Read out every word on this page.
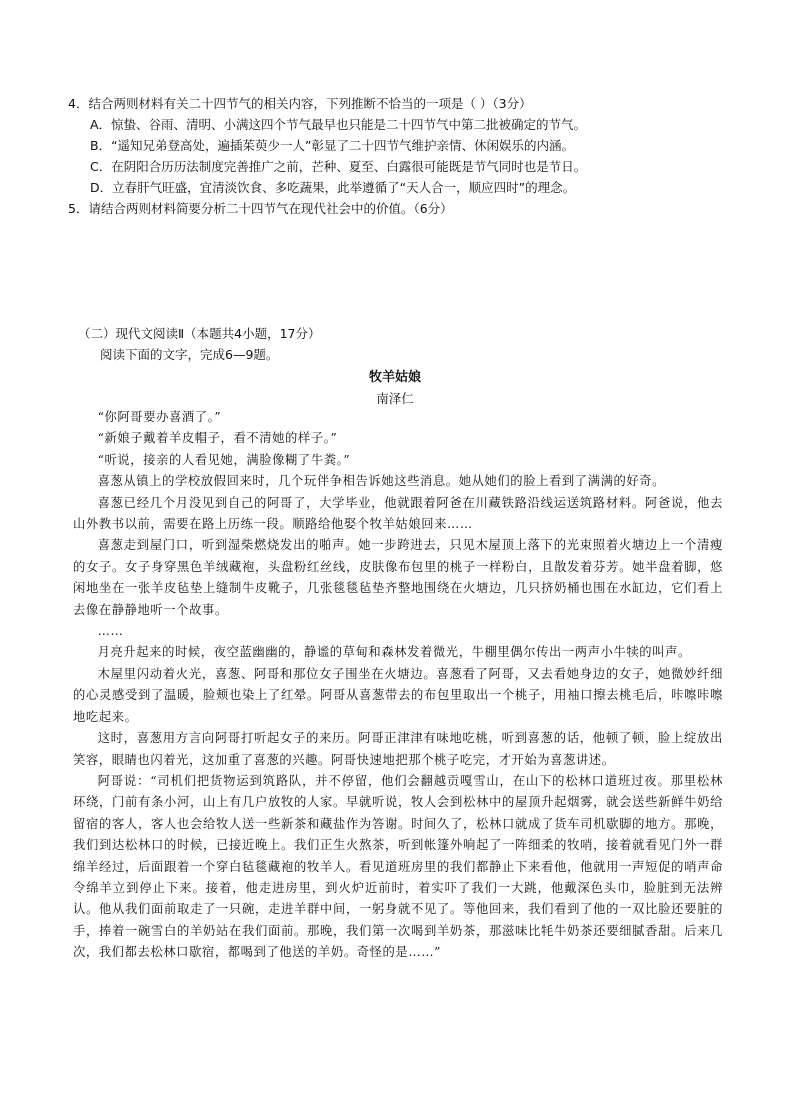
4．结合两则材料有关二十四节气的相关内容，下列推断不恰当的一项是（ ）（3分）
A．惊蛰、谷雨、清明、小满这四个节气最早也只能是二十四节气中第二批被确定的节气。
B．“遥知兄弟登高处，遍插茱萸少一人”彰显了二十四节气维护亲情、休闲娱乐的内涵。
C．在阴阳合历历法制度完善推广之前，芒种、夏至、白露很可能既是节气同时也是节日。
D．立春肝气旺盛，宜清淡饮食、多吃蔬果，此举遵循了“天人合一，顺应四时”的理念。
5．请结合两则材料简要分析二十四节气在现代社会中的价值。（6分）
（二）现代文阅读Ⅱ（本题共4小题，17分）
阅读下面的文字，完成6—9题。
牧羊姑娘
南泽仁

“你阿哥要办喜酒了。”

“新娘子戴着羊皮帽子，看不清她的样子。”

“听说，接亲的人看见她，满脸像糊了牛粪。”

喜葱从镇上的学校放假回来时，几个玩伴争相告诉她这些消息。她从她们的脸上看到了满满的好奇。

喜葱已经几个月没见到自己的阿哥了，大学毕业，他就跟着阿爸在川藏铁路沿线运送筑路材料。阿爸说，他去山外教书以前，需要在路上历练一段。顺路给他娶个牧羊姑娘回来……

喜葱走到屋门口，听到湿柴燃烧发出的啪声。她一步跨进去，只见木屋顶上落下的光束照着火塘边上一个清瘦的女子。女子身穿黑色羊绒藏袍，头盘粉红丝线，皮肤像布包里的桃子一样粉白，且散发着芬芳。她半盘着脚，悠闲地坐在一张羊皮毡垫上缝制牛皮靴子，几张毯毯毡垫齐整地围绕在火塘边，几只挤奶桶也围在水缸边，它们看上去像在静静地听一个故事。

……

月亮升起来的时候，夜空蓝幽幽的，静谧的草甸和森林发着微光，牛棚里偶尔传出一两声小牛犊的叫声。

木屋里闪动着火光，喜葱、阿哥和那位女子围坐在火塘边。喜葱看了阿哥，又去看她身边的女子，她微妙纤细的心灵感受到了温暖，脸颊也染上了红晕。阿哥从喜葱带去的布包里取出一个桃子，用袖口擦去桃毛后，咔嚓咔嚓地吃起来。

这时，喜葱用方言向阿哥打听起女子的来历。阿哥正津津有味地吃桃，听到喜葱的话，他顿了顿，脸上绽放出笑容，眼睛也闪着光，这加重了喜葱的兴趣。阿哥快速地把那个桃子吃完，才开始为喜葱讲述。

阿哥说：“司机们把货物运到筑路队，并不停留，他们会翻越贡嘎雪山，在山下的松林口道班过夜。那里松林环绕，门前有条小河，山上有几户放牧的人家。早就听说，牧人会到松林中的屋顶升起烟雾，就会送些新鲜牛奶给留宿的客人，客人也会给牧人送一些新茶和藏盐作为答谢。时间久了，松林口就成了货车司机歇脚的地方。那晚，我们到达松林口的时候，已接近晚上。我们正生火熬茶，听到帐篷外响起了一阵细柔的牧哨，接着就看见门外一群绵羊经过，后面跟着一个穿白毡毯藏袍的牧羊人。看见道班房里的我们都静止下来看他，他就用一声短促的哨声命令绵羊立到停止下来。接着，他走进房里，到火炉近前时，着实吓了我们一大跳，他戴深色头巾，脸脏到无法辨认。他从我们面前取走了一只碗，走进羊群中间，一躬身就不见了。等他回来，我们看到了他的一双比脸还要脏的手，捧着一碗雪白的羊奶站在我们面前。那晚，我们第一次喝到羊奶茶，那滋味比牦牛奶茶还要细腻香甜。后来几次，我们都去松林口歇宿，都喝到了他送的羊奶。奇怪的是……”
